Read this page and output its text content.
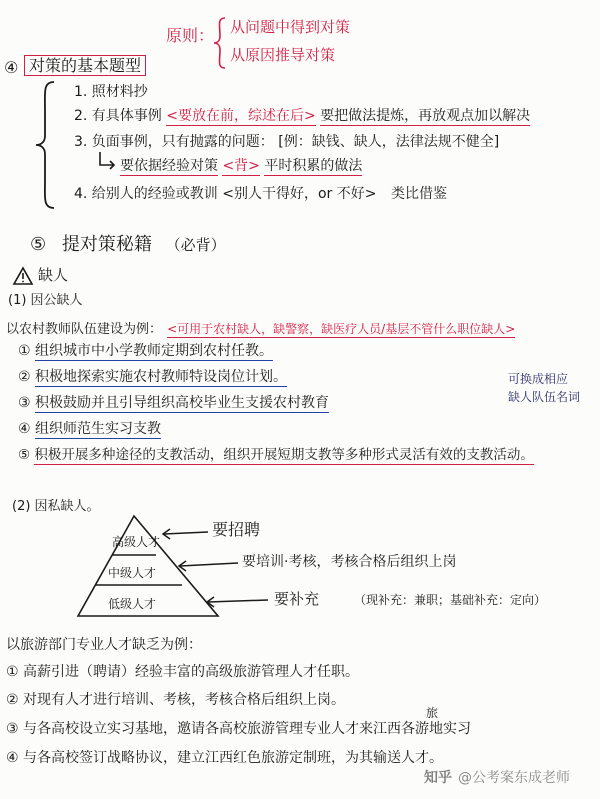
原则： 从问题中得到对策
从原因推导对策
④ 对策的基本题型
1. 照材料抄
2. 有具体事例 <要放在前，综述在后> 要把做法提炼，再放观点加以解决
3. 负面事例，只有抛露的问题： [例：缺钱、缺人，法律法规不健全]
要依据经验对策 <背> 平时积累的做法
4. 给别人的经验或教训 <别人干得好，or 不好> 类比借鉴
⑤ 提对策秘籍 （必背）
缺人
(1) 因公缺人
以农村教师队伍建设为例： <可用于农村缺人，缺警察，缺医疗人员/基层不管什么职位缺人>
① 组织城市中小学教师定期到农村任教。
② 积极地探索实施农村教师特设岗位计划。
③ 积极鼓励并且引导组织高校毕业生支援农村教育
④ 组织师范生实习支教
⑤ 积极开展多种途径的支教活动，组织开展短期支教等多种形式灵活有效的支教活动。
可换成相应
缺人队伍名词
(2) 因私缺人。
高级人才
中级人才
低级人才
要招聘
要培训·考核，考核合格后组织上岗
要补充	（现补充：兼职；基础补充：定向）
以旅游部门专业人才缺乏为例：
① 高薪引进（聘请）经验丰富的高级旅游管理人才任职。
② 对现有人才进行培训、考核，考核合格后组织上岗。
旅
③ 与各高校设立实习基地，邀请各高校旅游管理专业人才来江西各游地实习
④ 与各高校签订战略协议，建立江西红色旅游定制班，为其输送人才。
知乎 @公考案东成老师
